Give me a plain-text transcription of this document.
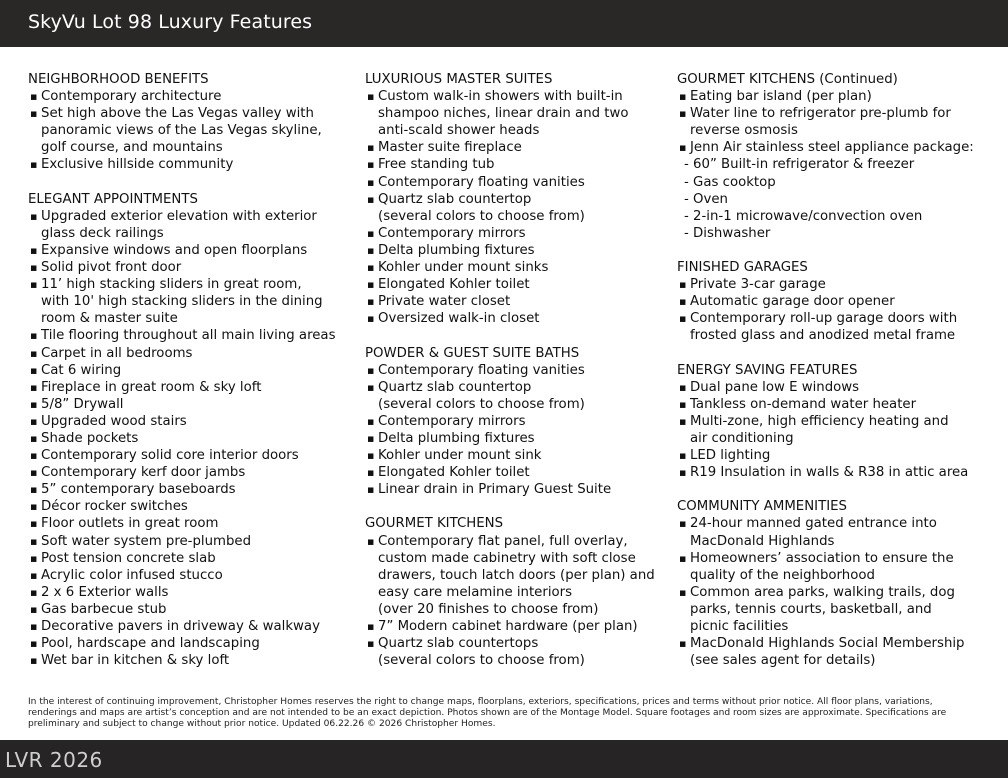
SkyVu Lot 98 Luxury Features
NEIGHBORHOOD BENEFITS
▪ Contemporary architecture
▪ Set high above the Las Vegas valley with
panoramic views of the Las Vegas skyline,
golf course, and mountains
▪ Exclusive hillside community
ELEGANT APPOINTMENTS
▪ Upgraded exterior elevation with exterior
glass deck railings
▪ Expansive windows and open floorplans
▪ Solid pivot front door
▪ 11’ high stacking sliders in great room,
with 10' high stacking sliders in the dining
room & master suite
▪ Tile flooring throughout all main living areas
▪ Carpet in all bedrooms
▪ Cat 6 wiring
▪ Fireplace in great room & sky loft
▪ 5/8” Drywall
▪ Upgraded wood stairs
▪ Shade pockets
▪ Contemporary solid core interior doors
▪ Contemporary kerf door jambs
▪ 5” contemporary baseboards
▪ Décor rocker switches
▪ Floor outlets in great room
▪ Soft water system pre-plumbed
▪ Post tension concrete slab
▪ Acrylic color infused stucco
▪ 2 x 6 Exterior walls
▪ Gas barbecue stub
▪ Decorative pavers in driveway & walkway
▪ Pool, hardscape and landscaping
▪ Wet bar in kitchen & sky loft
LUXURIOUS MASTER SUITES
▪ Custom walk-in showers with built-in
shampoo niches, linear drain and two
anti-scald shower heads
▪ Master suite fireplace
▪ Free standing tub
▪ Contemporary floating vanities
▪ Quartz slab countertop
(several colors to choose from)
▪ Contemporary mirrors
▪ Delta plumbing fixtures
▪ Kohler under mount sinks
▪ Elongated Kohler toilet
▪ Private water closet
▪ Oversized walk-in closet
POWDER & GUEST SUITE BATHS
▪ Contemporary floating vanities
▪ Quartz slab countertop
(several colors to choose from)
▪ Contemporary mirrors
▪ Delta plumbing fixtures
▪ Kohler under mount sink
▪ Elongated Kohler toilet
▪ Linear drain in Primary Guest Suite
GOURMET KITCHENS
▪ Contemporary flat panel, full overlay,
custom made cabinetry with soft close
drawers, touch latch doors (per plan) and
easy care melamine interiors
(over 20 finishes to choose from)
▪ 7” Modern cabinet hardware (per plan)
▪ Quartz slab countertops
(several colors to choose from)
GOURMET KITCHENS (Continued)
▪ Eating bar island (per plan)
▪ Water line to refrigerator pre-plumb for
reverse osmosis
▪ Jenn Air stainless steel appliance package:
- 60” Built-in refrigerator & freezer
- Gas cooktop
- Oven
- 2-in-1 microwave/convection oven
- Dishwasher
FINISHED GARAGES
▪ Private 3-car garage
▪ Automatic garage door opener
▪ Contemporary roll-up garage doors with
frosted glass and anodized metal frame
ENERGY SAVING FEATURES
▪ Dual pane low E windows
▪ Tankless on-demand water heater
▪ Multi-zone, high efficiency heating and
air conditioning
▪ LED lighting
▪ R19 Insulation in walls & R38 in attic area
COMMUNITY AMMENITIES
▪ 24-hour manned gated entrance into
MacDonald Highlands
▪ Homeowners’ association to ensure the
quality of the neighborhood
▪ Common area parks, walking trails, dog
parks, tennis courts, basketball, and
picnic facilities
▪ MacDonald Highlands Social Membership
(see sales agent for details)
In the interest of continuing improvement, Christopher Homes reserves the right to change maps, floorplans, exteriors, specifications, prices and terms without prior notice. All floor plans, variations, renderings and maps are artist’s conception and are not intended to be an exact depiction. Photos shown are of the Montage Model. Square footages and room sizes are approximate. Specifications are preliminary and subject to change without prior notice. Updated 06.22.26 © 2026 Christopher Homes.
LVR 2026
